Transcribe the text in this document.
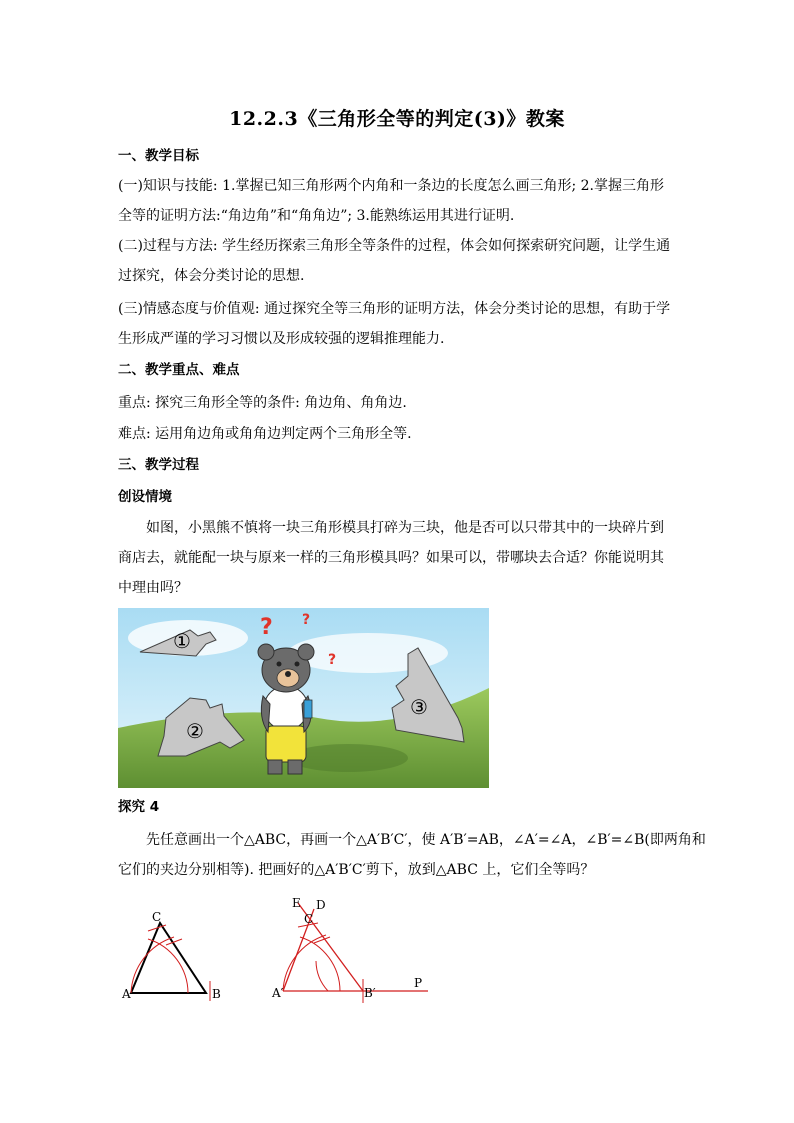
12.2.3《三角形全等的判定(3)》教案
一、教学目标
(一)知识与技能: 1.掌握已知三角形两个内角和一条边的长度怎么画三角形; 2.掌握三角形
全等的证明方法:“角边角”和“角角边”; 3.能熟练运用其进行证明.
(二)过程与方法: 学生经历探索三角形全等条件的过程，体会如何探索研究问题，让学生通
过探究，体会分类讨论的思想.
(三)情感态度与价值观: 通过探究全等三角形的证明方法，体会分类讨论的思想，有助于学
生形成严谨的学习习惯以及形成较强的逻辑推理能力.
二、教学重点、难点
重点: 探究三角形全等的条件: 角边角、角角边.
难点: 运用角边角或角角边判定两个三角形全等.
三、教学过程
创设情境
如图，小黑熊不慎将一块三角形模具打碎为三块，他是否可以只带其中的一块碎片到
商店去，就能配一块与原来一样的三角形模具吗？如果可以，带哪块去合适？你能说明其
中理由吗？
①
②
③
? ?
?
探究 4
先任意画出一个△ABC，再画一个△A′B′C′，使 A′B′=AB，∠A′=∠A，∠B′=∠B(即两角和
它们的夹边分别相等). 把画好的△A′B′C′剪下，放到△ABC 上，它们全等吗？
A
C
B	A′	B′
C
E D
P
